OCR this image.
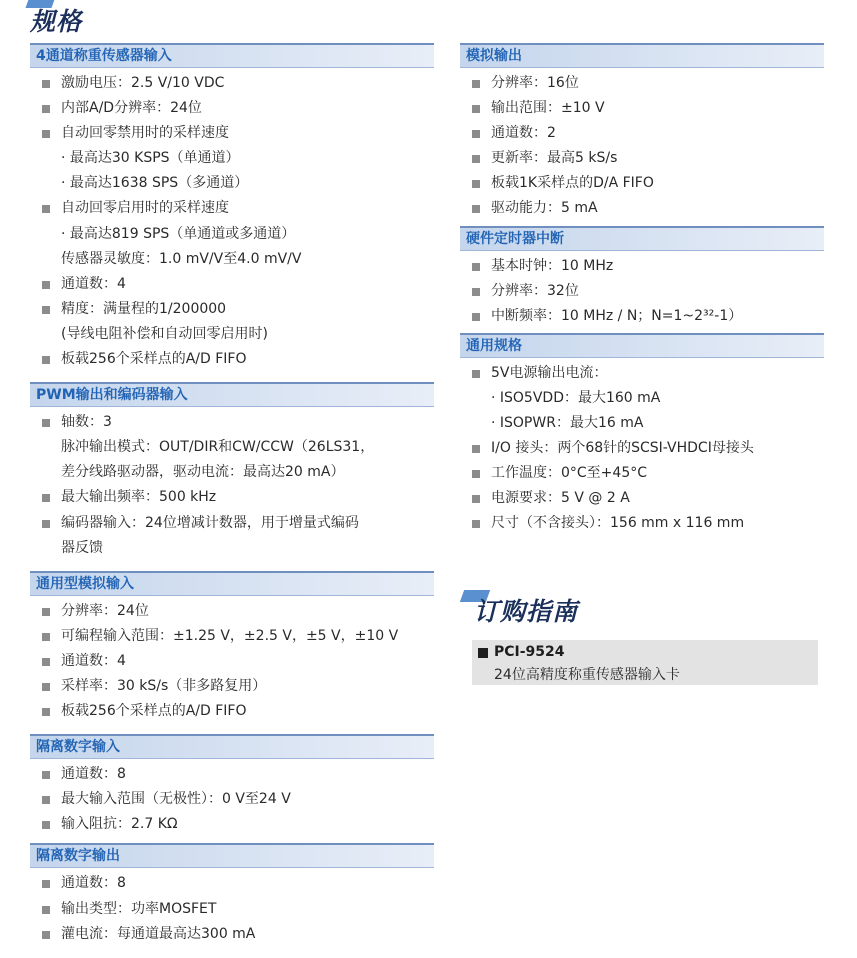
规格
4通道称重传感器输入
激励电压：2.5 V/10 VDC
内部A/D分辨率：24位
自动回零禁用时的采样速度
· 最高达30 KSPS（单通道）
· 最高达1638 SPS（多通道）
自动回零启用时的采样速度
· 最高达819 SPS（单通道或多通道）
传感器灵敏度：1.0 mV/V至4.0 mV/V
通道数：4
精度：满量程的1/200000
(导线电阻补偿和自动回零启用时)
板载256个采样点的A/D FIFO
PWM输出和编码器输入
轴数：3
脉冲输出模式：OUT/DIR和CW/CCW（26LS31，
差分线路驱动器，驱动电流：最高达20 mA）
最大输出频率：500 kHz
编码器输入：24位增减计数器，用于增量式编码
器反馈
通用型模拟输入
分辨率：24位
可编程输入范围：±1.25 V，±2.5 V，±5 V，±10 V
通道数：4
采样率：30 kS/s（非多路复用）
板载256个采样点的A/D FIFO
隔离数字输入
通道数：8
最大输入范围（无极性）：0 V至24 V
输入阻抗：2.7 KΩ
隔离数字输出
通道数：8
输出类型：功率MOSFET
灌电流：每通道最高达300 mA
模拟输出
分辨率：16位
输出范围：±10 V
通道数：2
更新率：最高5 kS/s
板载1K采样点的D/A FIFO
驱动能力：5 mA
硬件定时器中断
基本时钟：10 MHz
分辨率：32位
中断频率：10 MHz / N；N=1~2³²-1）
通用规格
5V电源输出电流：
· ISO5VDD：最大160 mA
· ISOPWR：最大16 mA
I/O 接头：两个68针的SCSI-VHDCI母接头
工作温度：0°C至+45°C
电源要求：5 V @ 2 A
尺寸（不含接头）：156 mm x 116 mm
订购指南
PCI-9524
24位高精度称重传感器输入卡
